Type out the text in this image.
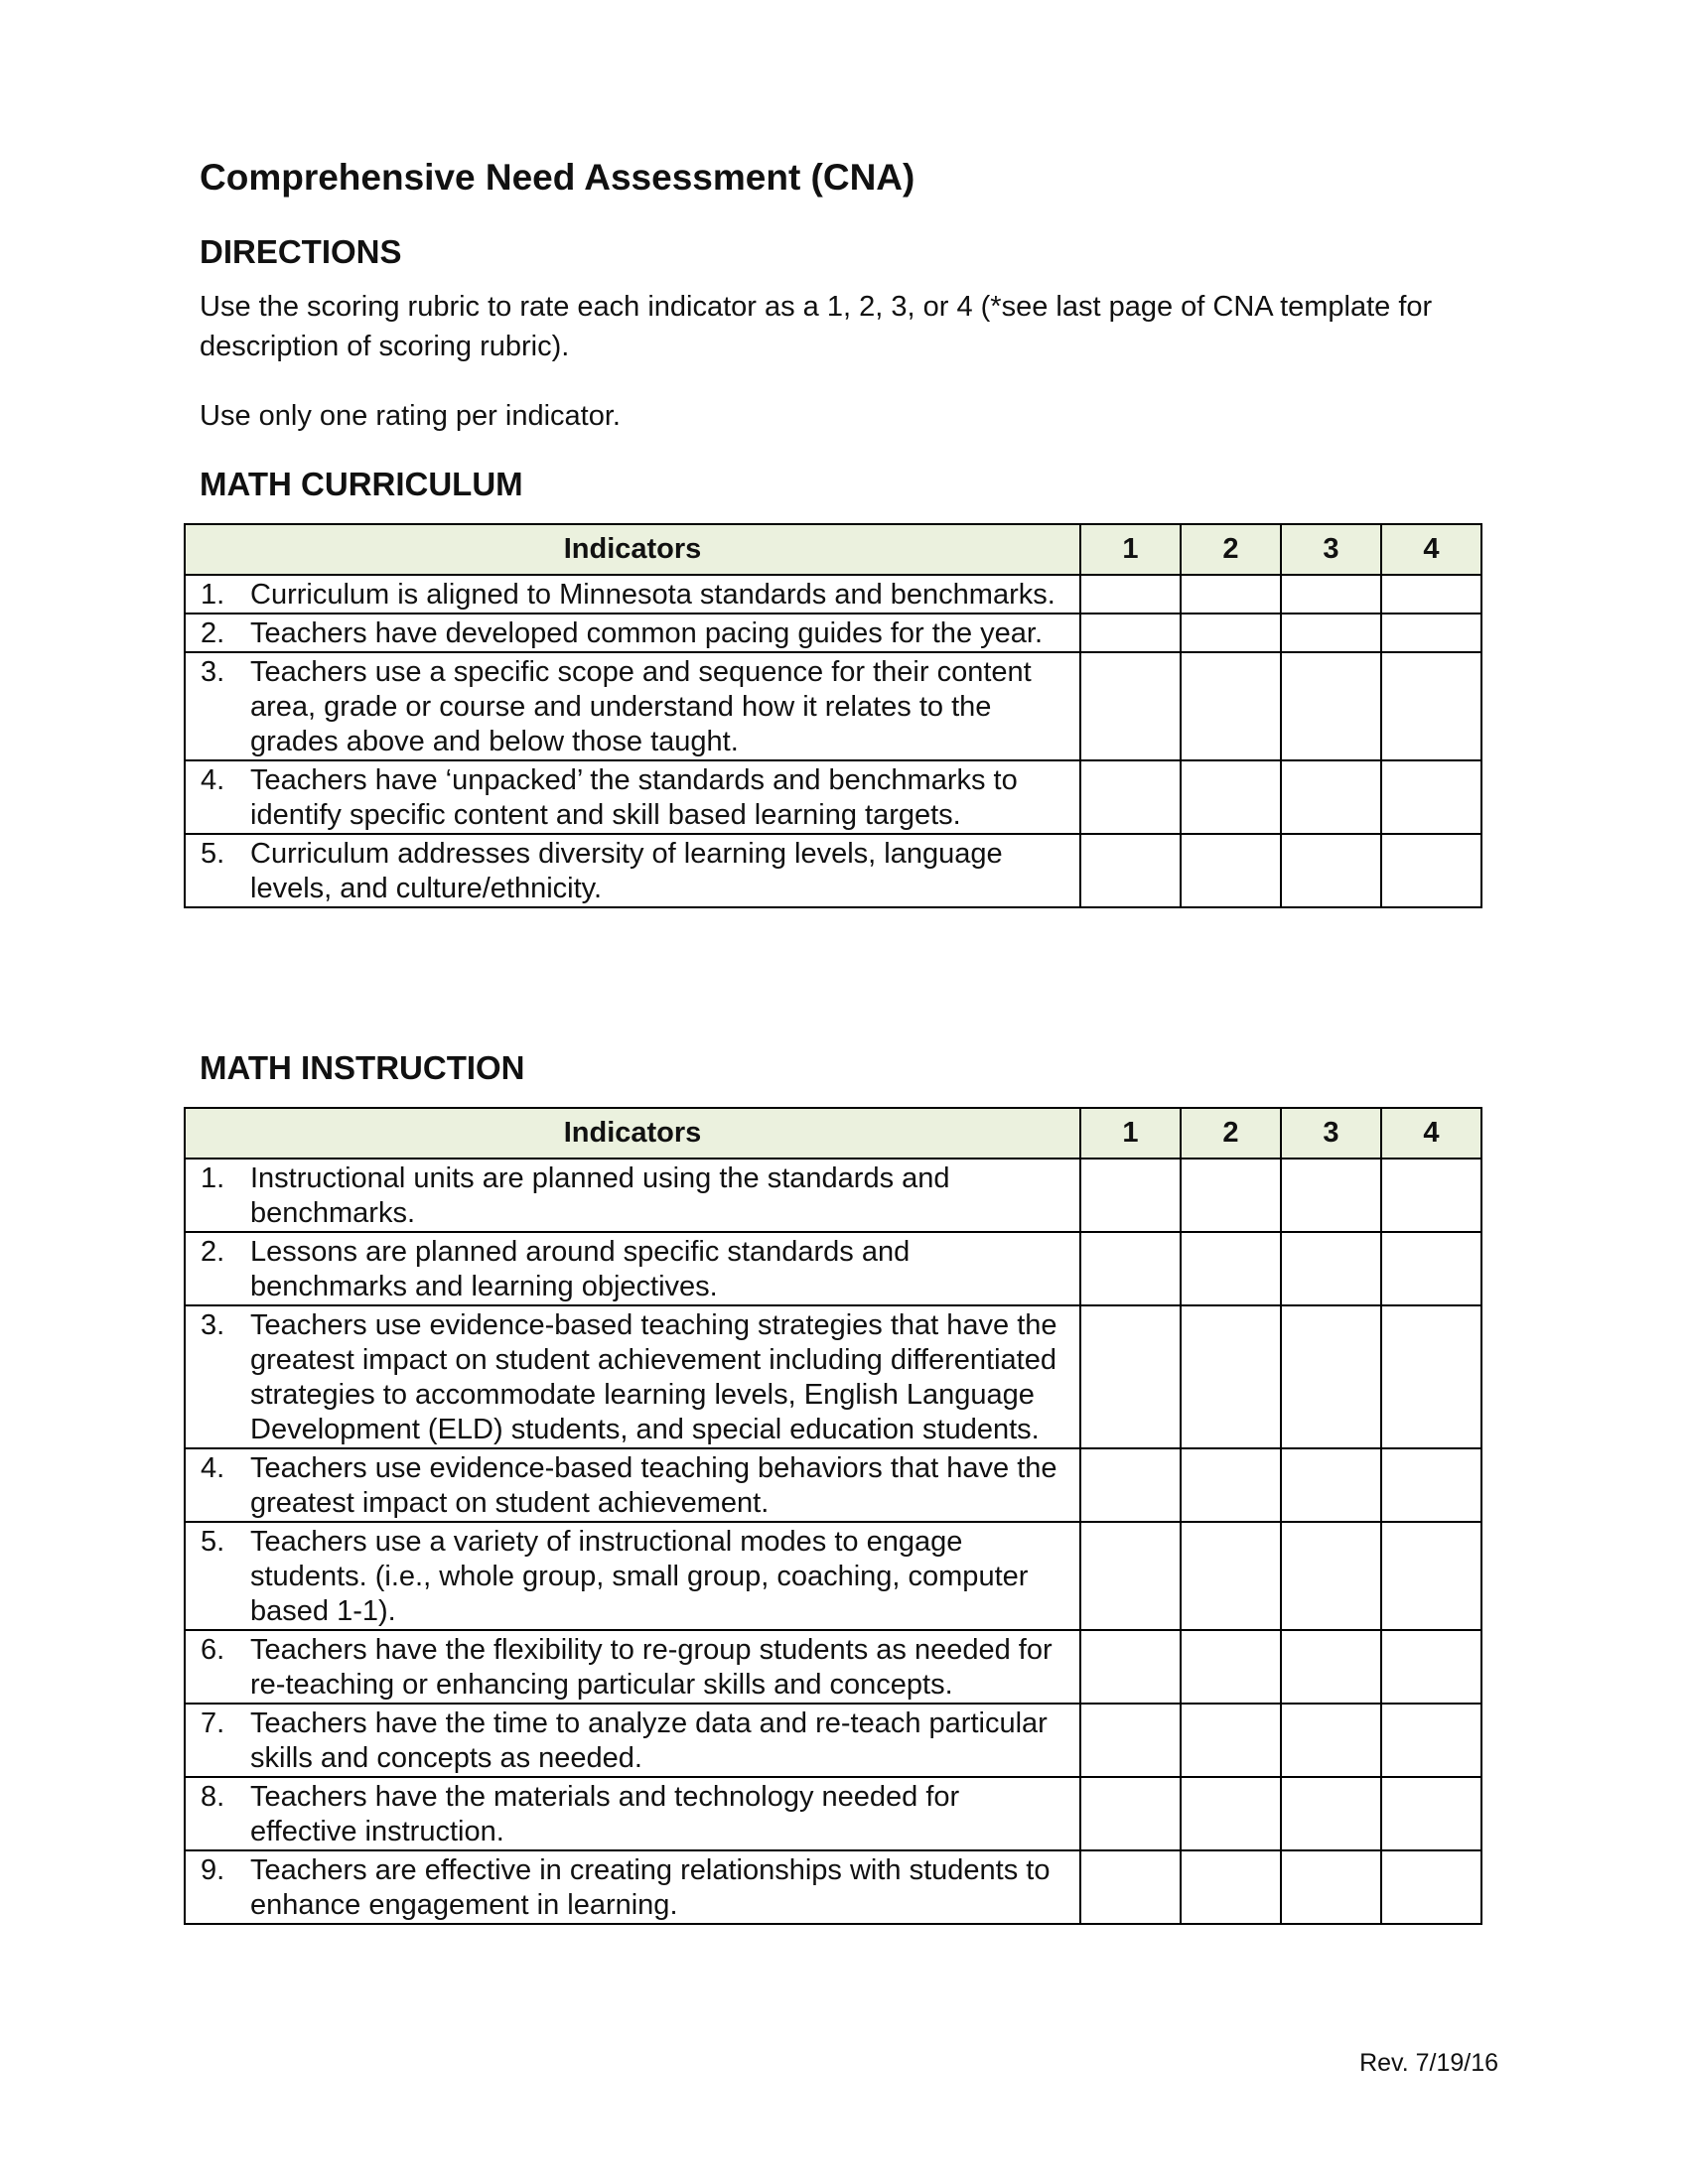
Comprehensive Need Assessment (CNA)
DIRECTIONS

Use the scoring rubric to rate each indicator as a 1, 2, 3, or 4 (*see last page of CNA template for description of scoring rubric).

Use only one rating per indicator.

MATH CURRICULUM
Indicators	1	2	3	4

1. Curriculum is aligned to Minnesota standards and benchmarks.				

2. Teachers have developed common pacing guides for the year.				

3. Teachers use a specific scope and sequence for their content area, grade or course and understand how it relates to the grades above and below those taught.				

4. Teachers have ‘unpacked’ the standards and benchmarks to identify specific content and skill based learning targets.				

5. Curriculum addresses diversity of learning levels, language levels, and culture/ethnicity.				

MATH INSTRUCTION
Indicators	1	2	3	4

1. Instructional units are planned using the standards and benchmarks.				

2. Lessons are planned around specific standards and benchmarks and learning objectives.				

3. Teachers use evidence-based teaching strategies that have the greatest impact on student achievement including differentiated strategies to accommodate learning levels, English Language Development (ELD) students, and special education students.				

4. Teachers use evidence-based teaching behaviors that have the greatest impact on student achievement.				

5. Teachers use a variety of instructional modes to engage students. (i.e., whole group, small group, coaching, computer based 1-1).				

6. Teachers have the flexibility to re-group students as needed for re-teaching or enhancing particular skills and concepts.				

7. Teachers have the time to analyze data and re-teach particular skills and concepts as needed.				

8. Teachers have the materials and technology needed for effective instruction.				

9. Teachers are effective in creating relationships with students to enhance engagement in learning.				

Rev. 7/19/16
